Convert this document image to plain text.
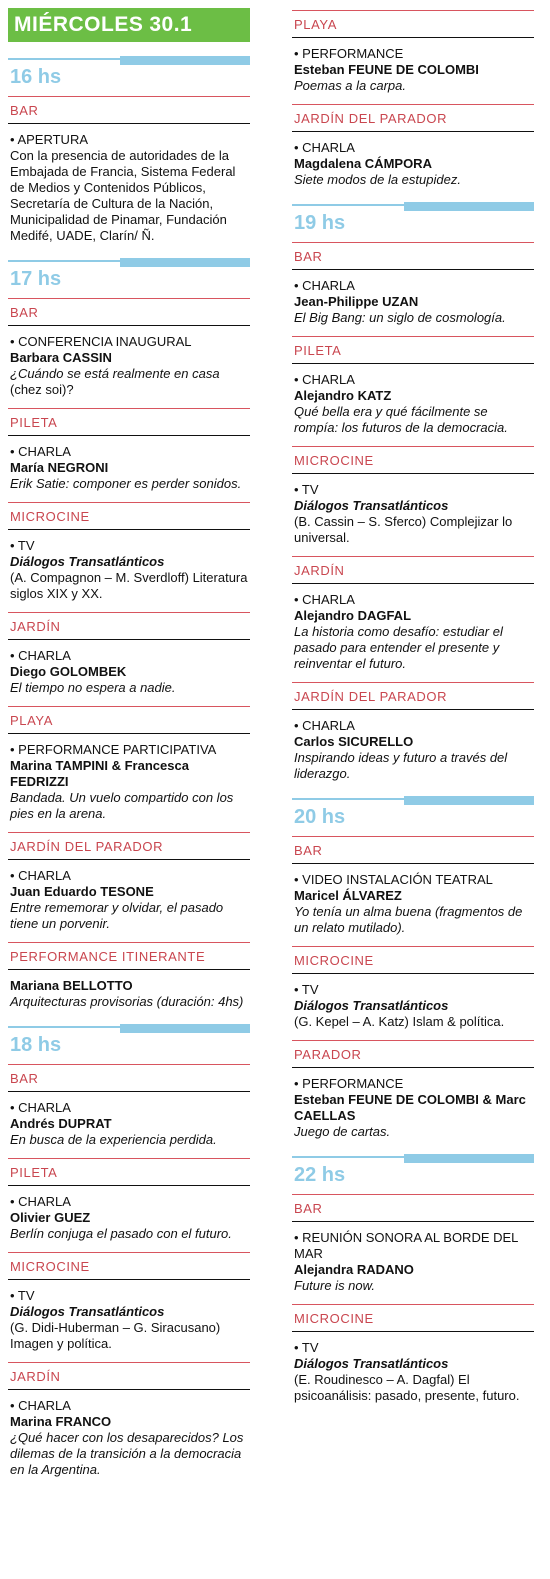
MIÉRCOLES 30.1
16 hs
BAR
• APERTURA
Con la presencia de autoridades de la Embajada de Francia, Sistema Federal de Medios y Contenidos Públicos, Secretaría de Cultura de la Nación, Municipalidad de Pinamar, Fundación Medifé, UADE, Clarín/ Ñ.
17 hs
BAR
• CONFERENCIA INAUGURAL
Barbara CASSIN
¿Cuándo se está realmente en casa
(chez soi)?
PILETA
• CHARLA
María NEGRONI
Erik Satie: componer es perder sonidos.
MICROCINE
• TV
Diálogos Transatlánticos
(A. Compagnon – M. Sverdloff) Literatura siglos XIX y XX.
JARDÍN
• CHARLA
Diego GOLOMBEK
El tiempo no espera a nadie.
PLAYA
• PERFORMANCE PARTICIPATIVA
Marina TAMPINI & Francesca FEDRIZZI
Bandada. Un vuelo compartido con los pies en la arena.
JARDÍN DEL PARADOR
• CHARLA
Juan Eduardo TESONE
Entre rememorar y olvidar, el pasado tiene un porvenir.
PERFORMANCE ITINERANTE
Mariana BELLOTTO
Arquitecturas provisorias (duración: 4hs)
18 hs
BAR
• CHARLA
Andrés DUPRAT
En busca de la experiencia perdida.
PILETA
• CHARLA
Olivier GUEZ
Berlín conjuga el pasado con el futuro.
MICROCINE
• TV
Diálogos Transatlánticos
(G. Didi-Huberman – G. Siracusano) Imagen y política.
JARDÍN
• CHARLA
Marina FRANCO
¿Qué hacer con los desaparecidos? Los dilemas de la transición a la democracia en la Argentina.
PLAYA
• PERFORMANCE
Esteban FEUNE DE COLOMBI
Poemas a la carpa.
JARDÍN DEL PARADOR
• CHARLA
Magdalena CÁMPORA
Siete modos de la estupidez.
19 hs
BAR
• CHARLA
Jean-Philippe UZAN
El Big Bang: un siglo de cosmología.
PILETA
• CHARLA
Alejandro KATZ
Qué bella era y qué fácilmente se rompía: los futuros de la democracia.
MICROCINE
• TV
Diálogos Transatlánticos
(B. Cassin – S. Sferco) Complejizar lo universal.
JARDÍN
• CHARLA
Alejandro DAGFAL
La historia como desafío: estudiar el pasado para entender el presente y reinventar el futuro.
JARDÍN DEL PARADOR
• CHARLA
Carlos SICURELLO
Inspirando ideas y futuro a través del liderazgo.
20 hs
BAR
• VIDEO INSTALACIÓN TEATRAL
Maricel ÁLVAREZ
Yo tenía un alma buena (fragmentos de un relato mutilado).
MICROCINE
• TV
Diálogos Transatlánticos
(G. Kepel – A. Katz) Islam & política.
PARADOR
• PERFORMANCE
Esteban FEUNE DE COLOMBI & Marc CAELLAS
Juego de cartas.
22 hs
BAR
• REUNIÓN SONORA AL BORDE DEL MAR
Alejandra RADANO
Future is now.
MICROCINE
• TV
Diálogos Transatlánticos
(E. Roudinesco – A. Dagfal) El psicoanálisis: pasado, presente, futuro.
